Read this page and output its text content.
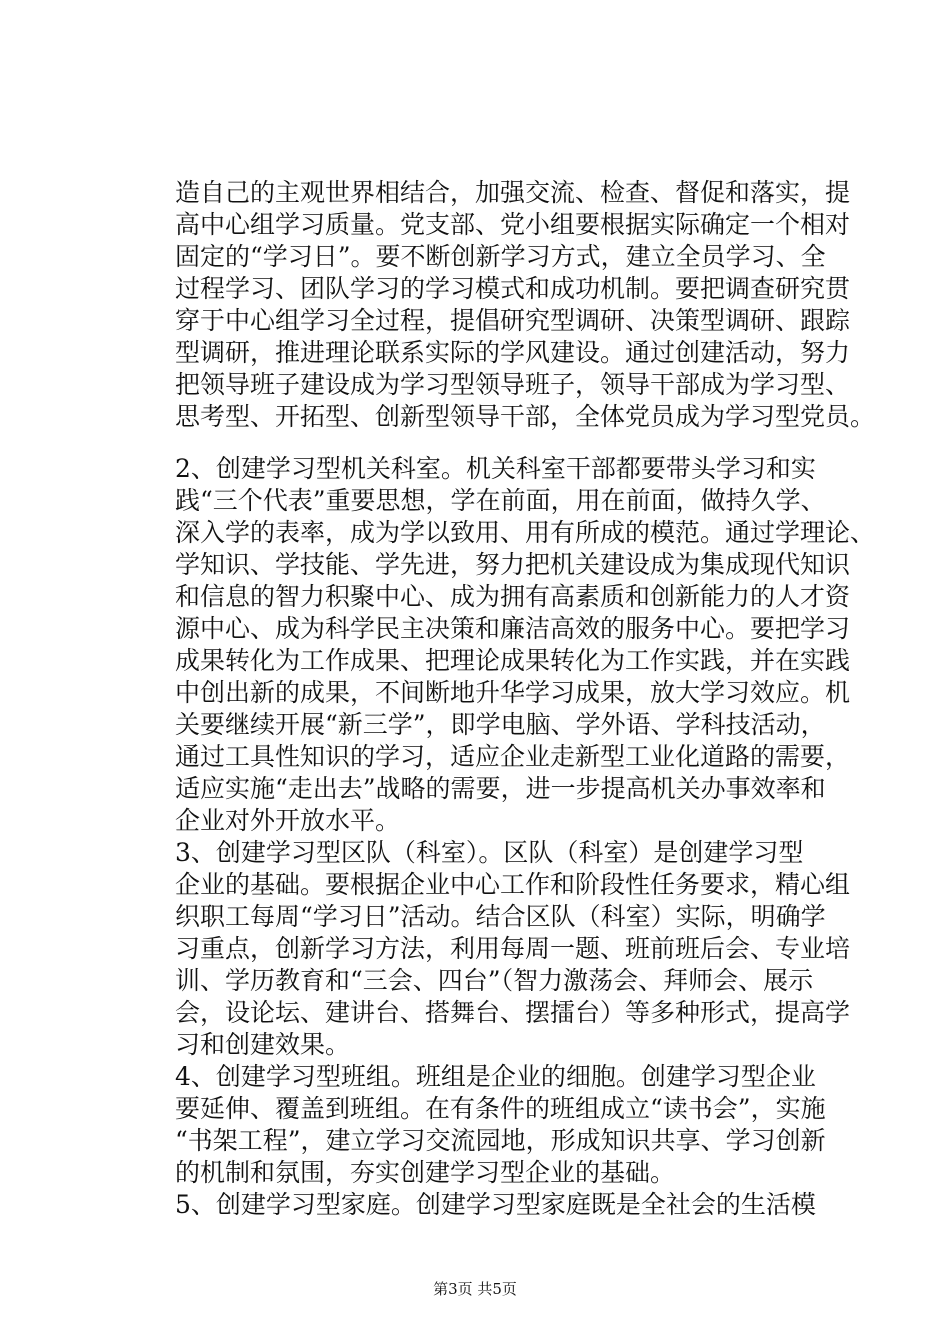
造自己的主观世界相结合，加强交流、检查、督促和落实，提
高中心组学习质量。党支部、党小组要根据实际确定一个相对
固定的“学习日”。要不断创新学习方式，建立全员学习、全
过程学习、团队学习的学习模式和成功机制。要把调查研究贯
穿于中心组学习全过程，提倡研究型调研、决策型调研、跟踪
型调研，推进理论联系实际的学风建设。通过创建活动，努力
把领导班子建设成为学习型领导班子，领导干部成为学习型、
思考型、开拓型、创新型领导干部，全体党员成为学习型党员。
2、创建学习型机关科室。机关科室干部都要带头学习和实
践“三个代表”重要思想，学在前面，用在前面，做持久学、
深入学的表率，成为学以致用、用有所成的模范。通过学理论、
学知识、学技能、学先进，努力把机关建设成为集成现代知识
和信息的智力积聚中心、成为拥有高素质和创新能力的人才资
源中心、成为科学民主决策和廉洁高效的服务中心。要把学习
成果转化为工作成果、把理论成果转化为工作实践，并在实践
中创出新的成果，不间断地升华学习成果，放大学习效应。机
关要继续开展“新三学”，即学电脑、学外语、学科技活动，
通过工具性知识的学习，适应企业走新型工业化道路的需要，
适应实施“走出去”战略的需要，进一步提高机关办事效率和
企业对外开放水平。
3、创建学习型区队（科室）。区队（科室）是创建学习型
企业的基础。要根据企业中心工作和阶段性任务要求，精心组
织职工每周“学习日”活动。结合区队（科室）实际，明确学
习重点，创新学习方法，利用每周一题、班前班后会、专业培
训、学历教育和“三会、四台”（智力激荡会、拜师会、展示
会，设论坛、建讲台、搭舞台、摆擂台）等多种形式，提高学
习和创建效果。
4、创建学习型班组。班组是企业的细胞。创建学习型企业
要延伸、覆盖到班组。在有条件的班组成立“读书会”，实施
“书架工程”，建立学习交流园地，形成知识共享、学习创新
的机制和氛围，夯实创建学习型企业的基础。
5、创建学习型家庭。创建学习型家庭既是全社会的生活模
第3页 共5页
